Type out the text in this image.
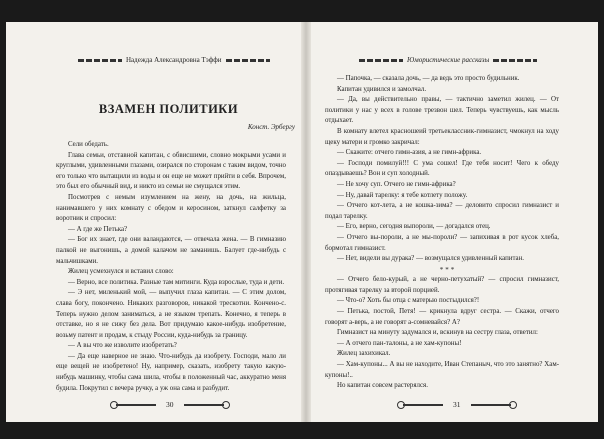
Надежда Александровна Тэффи
ВЗАМЕН ПОЛИТИКИ
Конст. Эрбергу

Сели обедать.

Глава семьи, отставной капитан, с обвисшими, словно мокрыми усами и круглыми, удивленными глазами, озирался по сторонам с таким видом, точно его только что вытащили из воды и он еще не может прийти в себя. Впрочем, это был его обычный вид, и никто из семьи не смущался этим.

Посмотрев с немым изумлением на жену, на дочь, на жильца, нанимавшего у них комнату с обедом и керосином, заткнул салфетку за воротник и спросил:

— А где же Петька?

— Бог их знает, где они валандаются, — отвечала жена. — В гимназию палкой не выгонишь, а домой калачом не заманишь. Балует где-нибудь с мальчишками.

Жилец усмехнулся и вставил слово:

— Верно, все политика. Разные там митинги. Куда взрослые, туда и дети.

— Э нет, миленький мой, — выпучил глаза капитан. — С этим долом, слава богу, покончено. Никаких разговоров, никакой трескотни. Кончено-с. Теперь нужно делом заниматься, а не языком трепать. Конечно, я теперь в отставке, но я не сижу без дела. Вот придумаю какое-нибудь изобретение, возьму патент и продам, к стыду России, куда-нибудь за границу.

— А вы что же изволите изобретать?

— Да еще наверное не знаю. Что-нибудь да изобрету. Господи, мало ли еще вещей не изобретено! Ну, например, сказать, изобрету такую какую-нибудь машинку, чтобы сама шила, чтобы в положенный час, аккуратно меня будила. Покрутил с вечера ручку, а уж она сама и разбудит.

30
Юмористические рассказы

— Папочка, — сказала дочь, — да ведь это просто будильник.

Капитан удивился и замолчал.

— Да, вы действительно правы, — тактично заметил жилец. — От политики у нас у всех в голове трезвон шел. Теперь чувствуешь, как мысль отдыхает.

В комнату влетел красношеий третьеклассник-гимназист, чмокнул на ходу щеку матери и громко закричал:

— Скажите: отчего гимн-азия, а не гимн-африка.

— Господи помилуй!!! С ума сошел! Где тебя носит! Чего к обеду опаздываешь? Вон и суп холодный.

— Не хочу суп. Отчего не гимн-африка?

— Ну, давай тарелку: я тебе котлету положу.

— Отчего кот-лета, а не кошка-зима? — деловито спросил гимназист и подал тарелку.

— Его, верно, сегодня выпороли, — догадался отец.

— Отчего вы-пороли, а не мы-пороли? — запихивая в рот кусок хлеба, бормотал гимназист.

— Нет, видели вы дурака? — возмущался удивленный капитан.

***

— Отчего бело-курый, а не черно-петухатый? — спросил гимназист, протягивая тарелку за второй порцией.

— Что-о? Хоть бы отца с матерью постыдился?!

— Петька, постой, Петя! — крикнула вдруг сестра. — Скажи, отчего говорят а-верь, а не говорят а-сомневайся? А?

Гимназист на минуту задумался и, вскинув на сестру глаза, ответил:

— А отчего пан-талоны, а не хам-купоны!

Жилец захихикал.

— Хам-купоны... А вы не находите, Иван Степаныч, что это занятно? Хам-купоны!..

Но капитан совсем растерялся.

31
